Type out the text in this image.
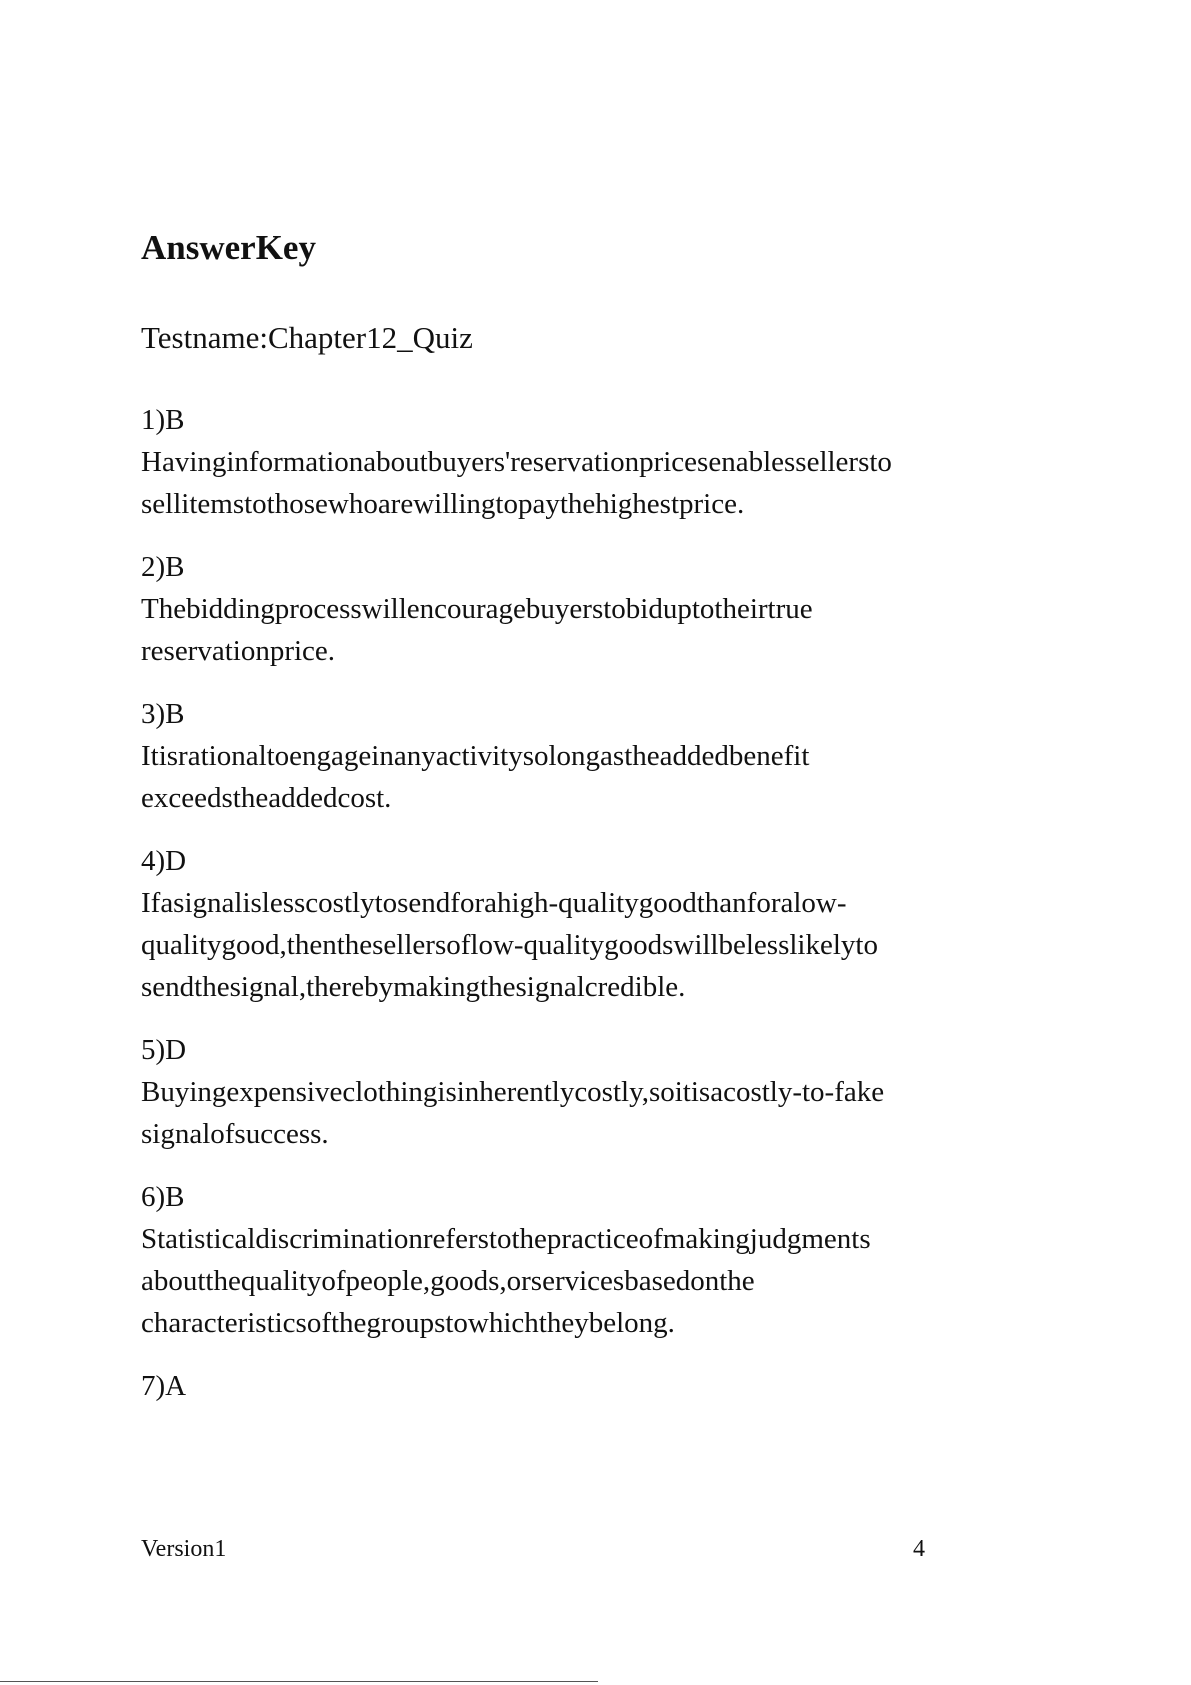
AnswerKey
Testname:Chapter12_Quiz
1)B
Havinginformationaboutbuyers'reservationpricesenablessellersto
sellitemstothosewhoarewillingtopaythehighestprice.
2)B
Thebiddingprocesswillencouragebuyerstobiduptotheirtrue
reservationprice.
3)B
Itisrationaltoengageinanyactivitysolongastheaddedbenefit
exceedstheaddedcost.
4)D
Ifasignalislesscostlytosendforahigh-qualitygoodthanforalow-
qualitygood,thenthesellersoflow-qualitygoodswillbelesslikelyto
sendthesignal,therebymakingthesignalcredible.
5)D
Buyingexpensiveclothingisinherentlycostly,soitisacostly-to-fake
signalofsuccess.
6)B
Statisticaldiscriminationreferstothepracticeofmakingjudgments
aboutthequalityofpeople,goods,orservicesbasedonthe
characteristicsofthegroupstowhichtheybelong.
7)A
Version1	4
